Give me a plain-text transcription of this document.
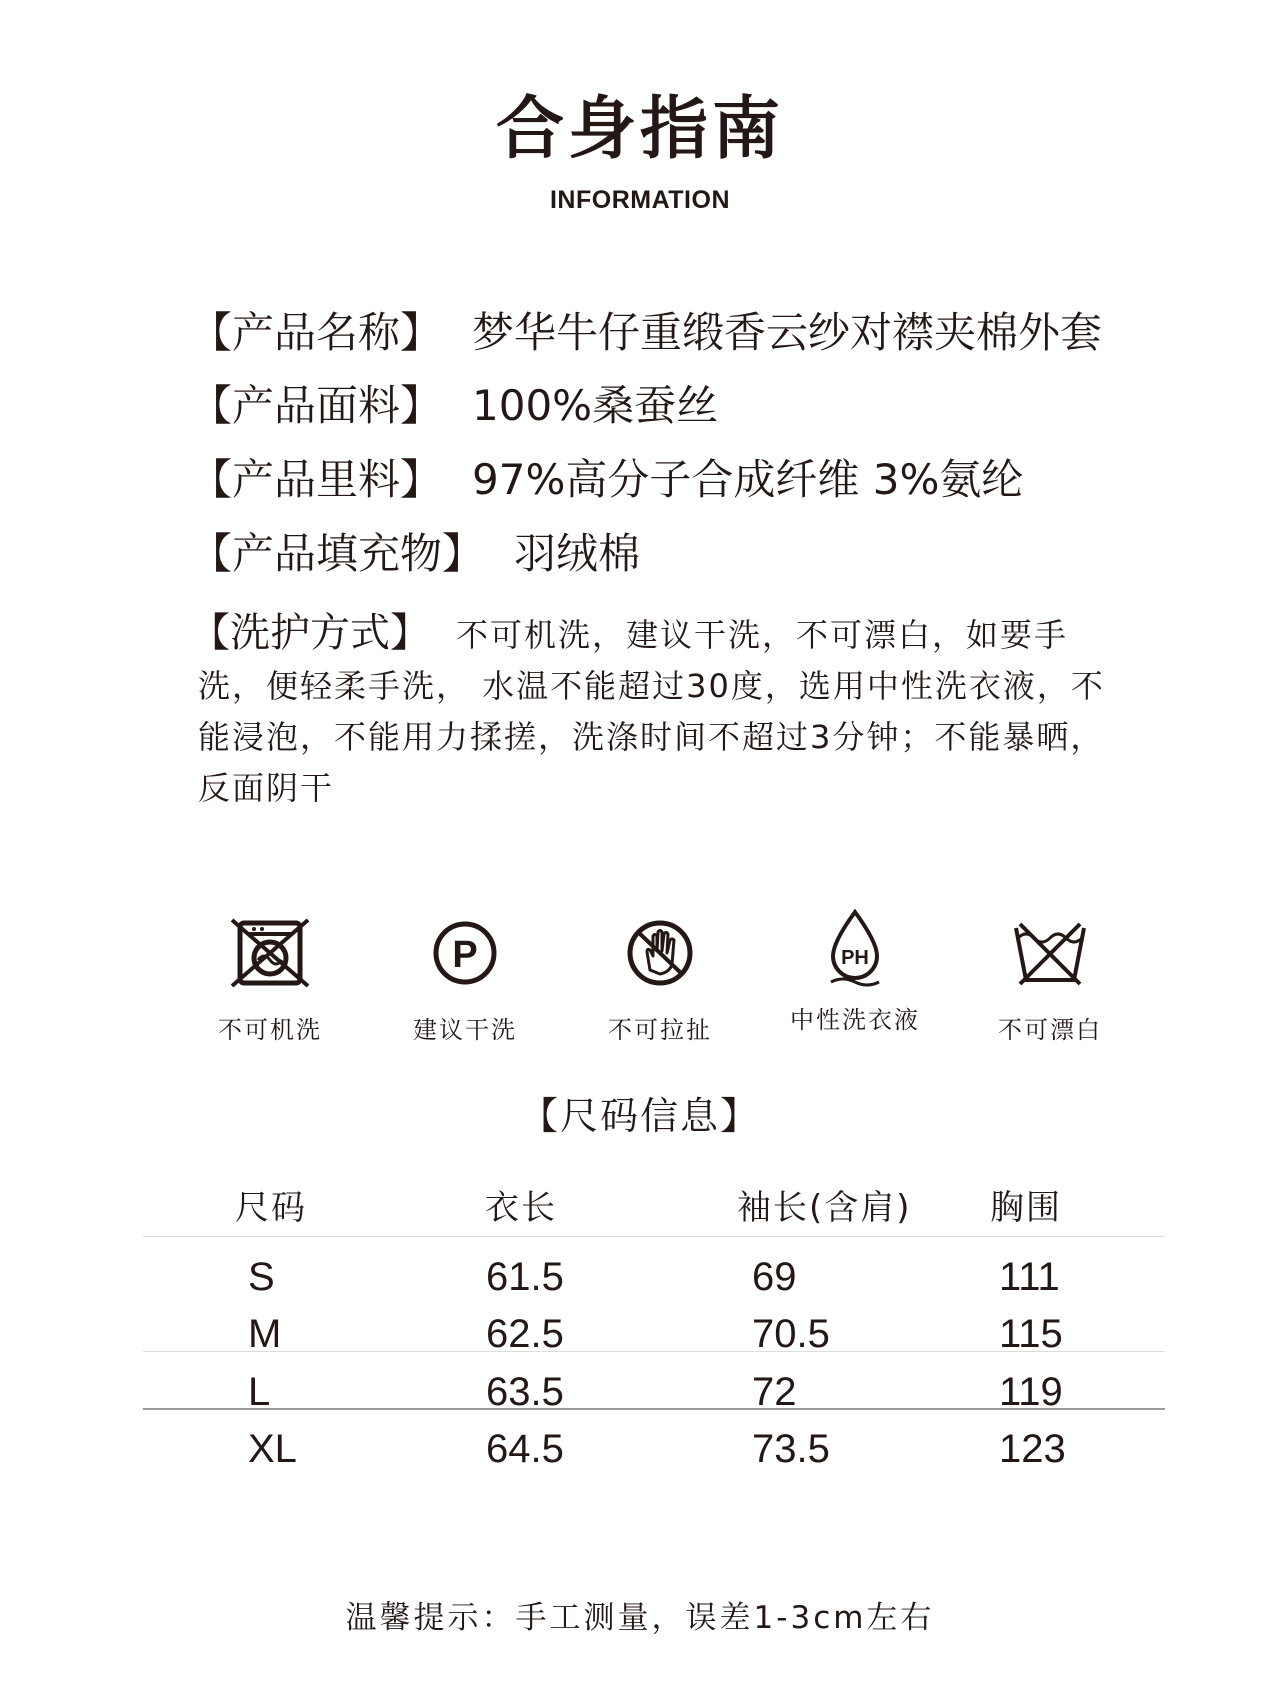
合身指南
INFORMATION
【产品名称】 梦华牛仔重缎香云纱对襟夹棉外套
【产品面料】 100%桑蚕丝
【产品里料】 97%高分子合成纤维 3%氨纶
【产品填充物】 羽绒棉
【洗护方式】 不可机洗，建议干洗，不可漂白，如要手洗，便轻柔手洗， 水温不能超过30度，选用中性洗衣液，不能浸泡，不能用力揉搓，洗涤时间不超过3分钟；不能暴晒，反面阴干
不可机洗
P
建议干洗	不可拉扯
PH
中性洗衣液	不可漂白
【尺码信息】
尺码	衣长	袖长(含肩) 胸围
S	61.5	69	111
M	62.5	70.5	115
L	63.5	72	119
XL	64.5	73.5	123
温馨提示：手工测量，误差1-3cm左右
